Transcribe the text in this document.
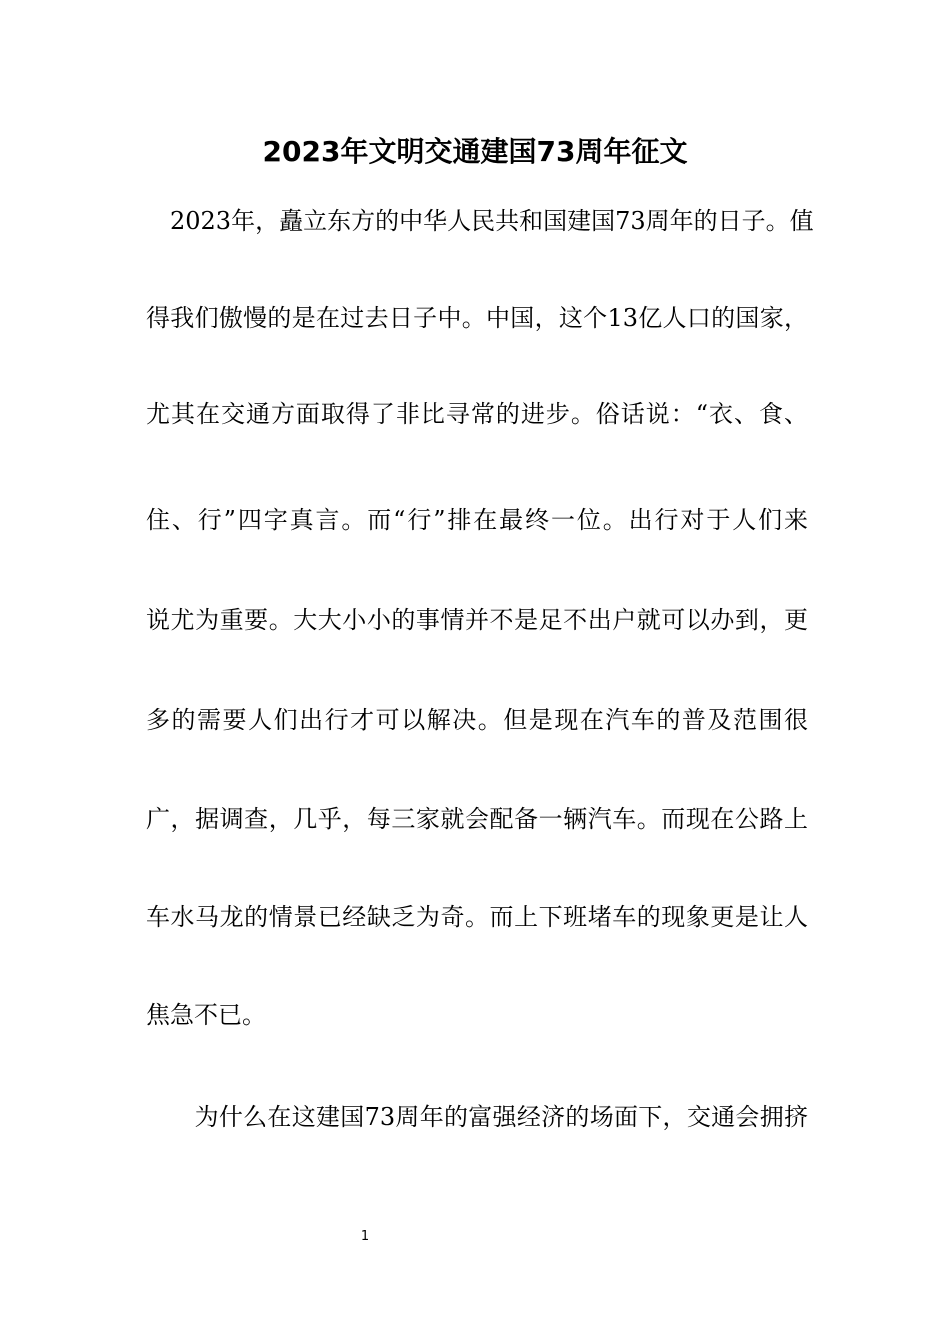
2023年文明交通建国73周年征文
　2023年，矗立东方的中华人民共和国建国73周年的日子。值
得我们傲慢的是在过去日子中。中国，这个13亿人口的国家，
尤其在交通方面取得了非比寻常的进步。俗话说：“衣、食、
住、行”四字真言。而“行”排在最终一位。出行对于人们来
说尤为重要。大大小小的事情并不是足不出户就可以办到，更
多的需要人们出行才可以解决。但是现在汽车的普及范围很
广，据调查，几乎，每三家就会配备一辆汽车。而现在公路上
车水马龙的情景已经缺乏为奇。而上下班堵车的现象更是让人
焦急不已。
　　为什么在这建国73周年的富强经济的场面下，交通会拥挤
1
